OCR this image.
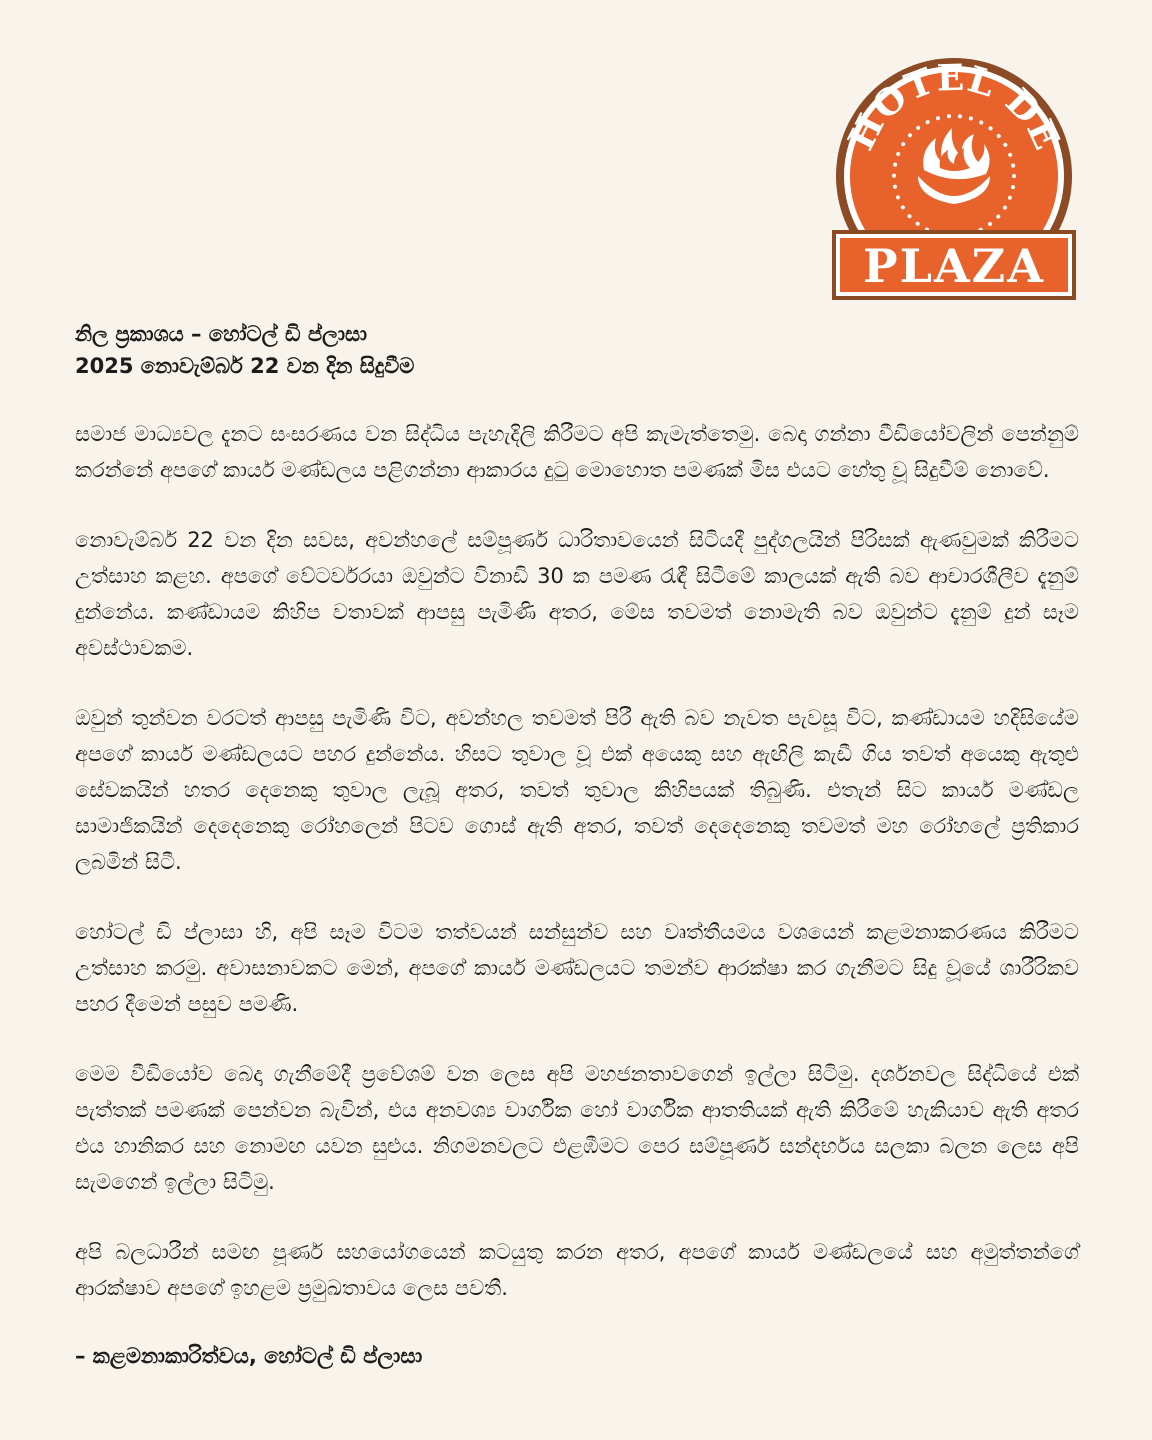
HOTEL DE
PLAZA
නිල ප්‍රකාශය – හෝටල් ඩි ප්ලාසා
2025 නොවැම්බර් 22 වන දින සිදුවීම

සමාජ මාධ්‍යවල දැනට සංසරණය වන සිද්ධිය පැහැදිලි කිරීමට අපි කැමැත්තෙමු. බෙදා ගන්නා වීඩියෝවලින් පෙන්නුම් කරන්නේ අපගේ කාර්ය මණ්ඩලය පළිගන්නා ආකාරය දුටු මොහොත පමණක් මිස එයට හේතු වූ සිදුවීම් නොවේ.

නොවැම්බර් 22 වන දින සවස, අවන්හලේ සම්පූර්ණ ධාරිතාවයෙන් සිටියදී පුද්ගලයින් පිරිසක් ඇණවුමක් කිරීමට උත්සාහ කළහ. අපගේ වේටර්වරයා ඔවුන්ට විනාඩි 30 ක පමණ රැඳී සිටීමේ කාලයක් ඇති බව ආචාරශීලීව දැනුම් දුන්නේය. කණ්ඩායම කිහිප වතාවක් ආපසු පැමිණි අතර, මේස තවමත් නොමැති බව ඔවුන්ට දැනුම් දුන් සෑම අවස්ථාවකම.

ඔවුන් තුන්වන වරටත් ආපසු පැමිණි විට, අවන්හල තවමත් පිරී ඇති බව නැවත පැවසූ විට, කණ්ඩායම හදිසියේම අපගේ කාර්ය මණ්ඩලයට පහර දුන්නේය. හිසට තුවාල වූ එක් අයෙකු සහ ඇඟිලි කැඩී ගිය තවත් අයෙකු ඇතුළු සේවකයින් හතර දෙනෙකු තුවාල ලැබූ අතර, තවත් තුවාල කිහිපයක් තිබුණි. එතැන් සිට කාර්ය මණ්ඩල සාමාජිකයින් දෙදෙනෙකු රෝහලෙන් පිටව ගොස් ඇති අතර, තවත් දෙදෙනෙකු තවමත් මහ රෝහලේ ප්‍රතිකාර ලබමින් සිටී.

හෝටල් ඩි ප්ලාසා හි, අපි සෑම විටම තත්වයන් සන්සුන්ව සහ වෘත්තීයමය වශයෙන් කළමනාකරණය කිරීමට උත්සාහ කරමු. අවාසනාවකට මෙන්, අපගේ කාර්ය මණ්ඩලයට තමන්ව ආරක්ෂා කර ගැනීමට සිදු වූයේ ශාරීරිකව පහර දීමෙන් පසුව පමණි.

මෙම වීඩියෝව බෙදා ගැනීමේදී ප්‍රවේශම් වන ලෙස අපි මහජනතාවගෙන් ඉල්ලා සිටිමු. දර්ශනවල සිද්ධියේ එක් පැත්තක් පමණක් පෙන්වන බැවින්, එය අනවශ්‍ය වාර්ගික හෝ වාර්ගික ආතතියක් ඇති කිරීමේ හැකියාව ඇති අතර එය හානිකර සහ නොමඟ යවන සුළුය. නිගමනවලට එළඹීමට පෙර සම්පූර්ණ සන්දර්භය සලකා බලන ලෙස අපි සැමගෙන් ඉල්ලා සිටිමු.

අපි බලධාරීන් සමඟ පූර්ණ සහයෝගයෙන් කටයුතු කරන අතර, අපගේ කාර්ය මණ්ඩලයේ සහ අමුත්තන්ගේ ආරක්ෂාව අපගේ ඉහළම ප්‍රමුඛතාවය ලෙස පවතී.

– කළමනාකාරිත්වය, හෝටල් ඩි ප්ලාසා
